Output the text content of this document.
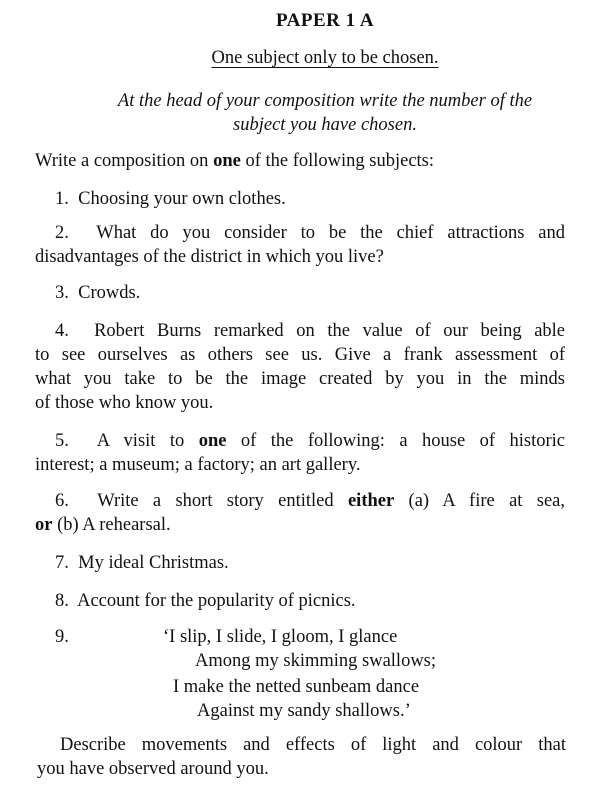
PAPER 1 A
One subject only to be chosen.
At the head of your composition write the number of the
subject you have chosen.
Write a composition on one of the following subjects:
1. Choosing your own clothes.
2. What do you consider to be the chief attractions and
disadvantages of the district in which you live?
3. Crowds.
4. Robert Burns remarked on the value of our being able
to see ourselves as others see us. Give a frank assessment of
what you take to be the image created by you in the minds
of those who know you.
5. A visit to one of the following: a house of historic
interest; a museum; a factory; an art gallery.
6. Write a short story entitled either (a) A fire at sea,
or (b) A rehearsal.
7. My ideal Christmas.
8. Account for the popularity of picnics.
9.	‘I slip, I slide, I gloom, I glance
Among my skimming swallows;
I make the netted sunbeam dance
Against my sandy shallows.’
Describe movements and effects of light and colour that
you have observed around you.
